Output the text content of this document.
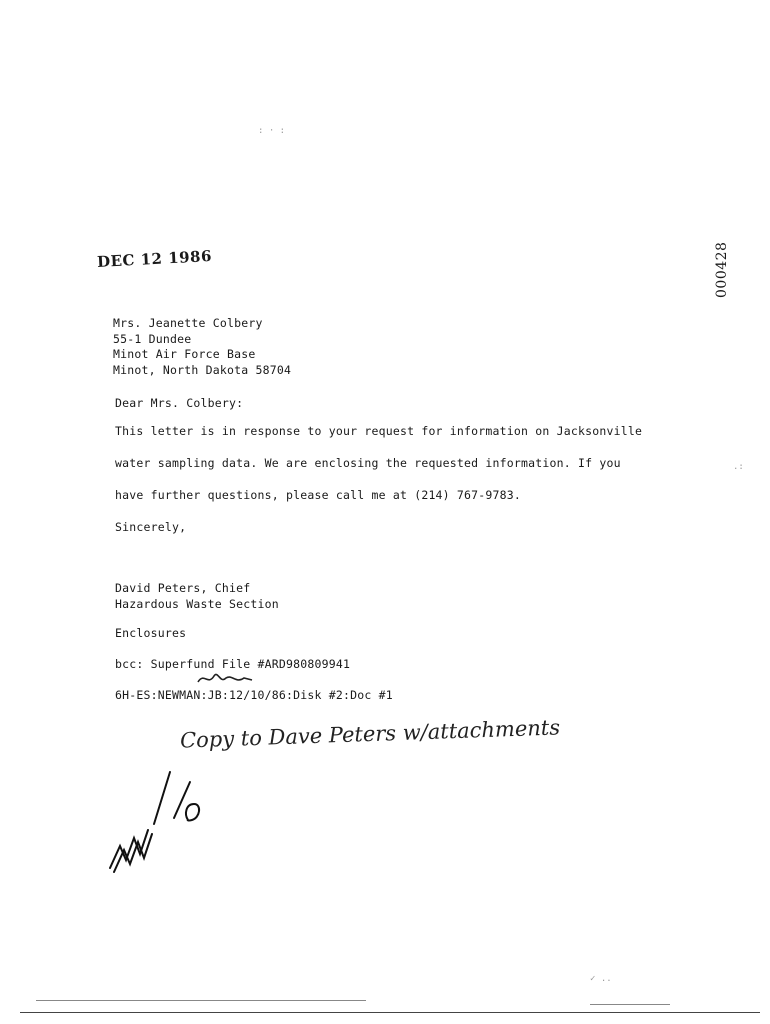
: · :
DEC 12 1986	000428
Mrs. Jeanette Colbery
55-1 Dundee
Minot Air Force Base
Minot, North Dakota 58704
Dear Mrs. Colbery:
This letter is in response to your request for information on Jacksonville
water sampling data. We are enclosing the requested information. If you
have further questions, please call me at (214) 767-9783.
Sincerely,
David Peters, Chief
Hazardous Waste Section
Enclosures
bcc: Superfund File #ARD980809941
6H-ES:NEWMAN:JB:12/10/86:Disk #2:Doc #1
Copy to Dave Peters w/attachments
.:
✓ ..
